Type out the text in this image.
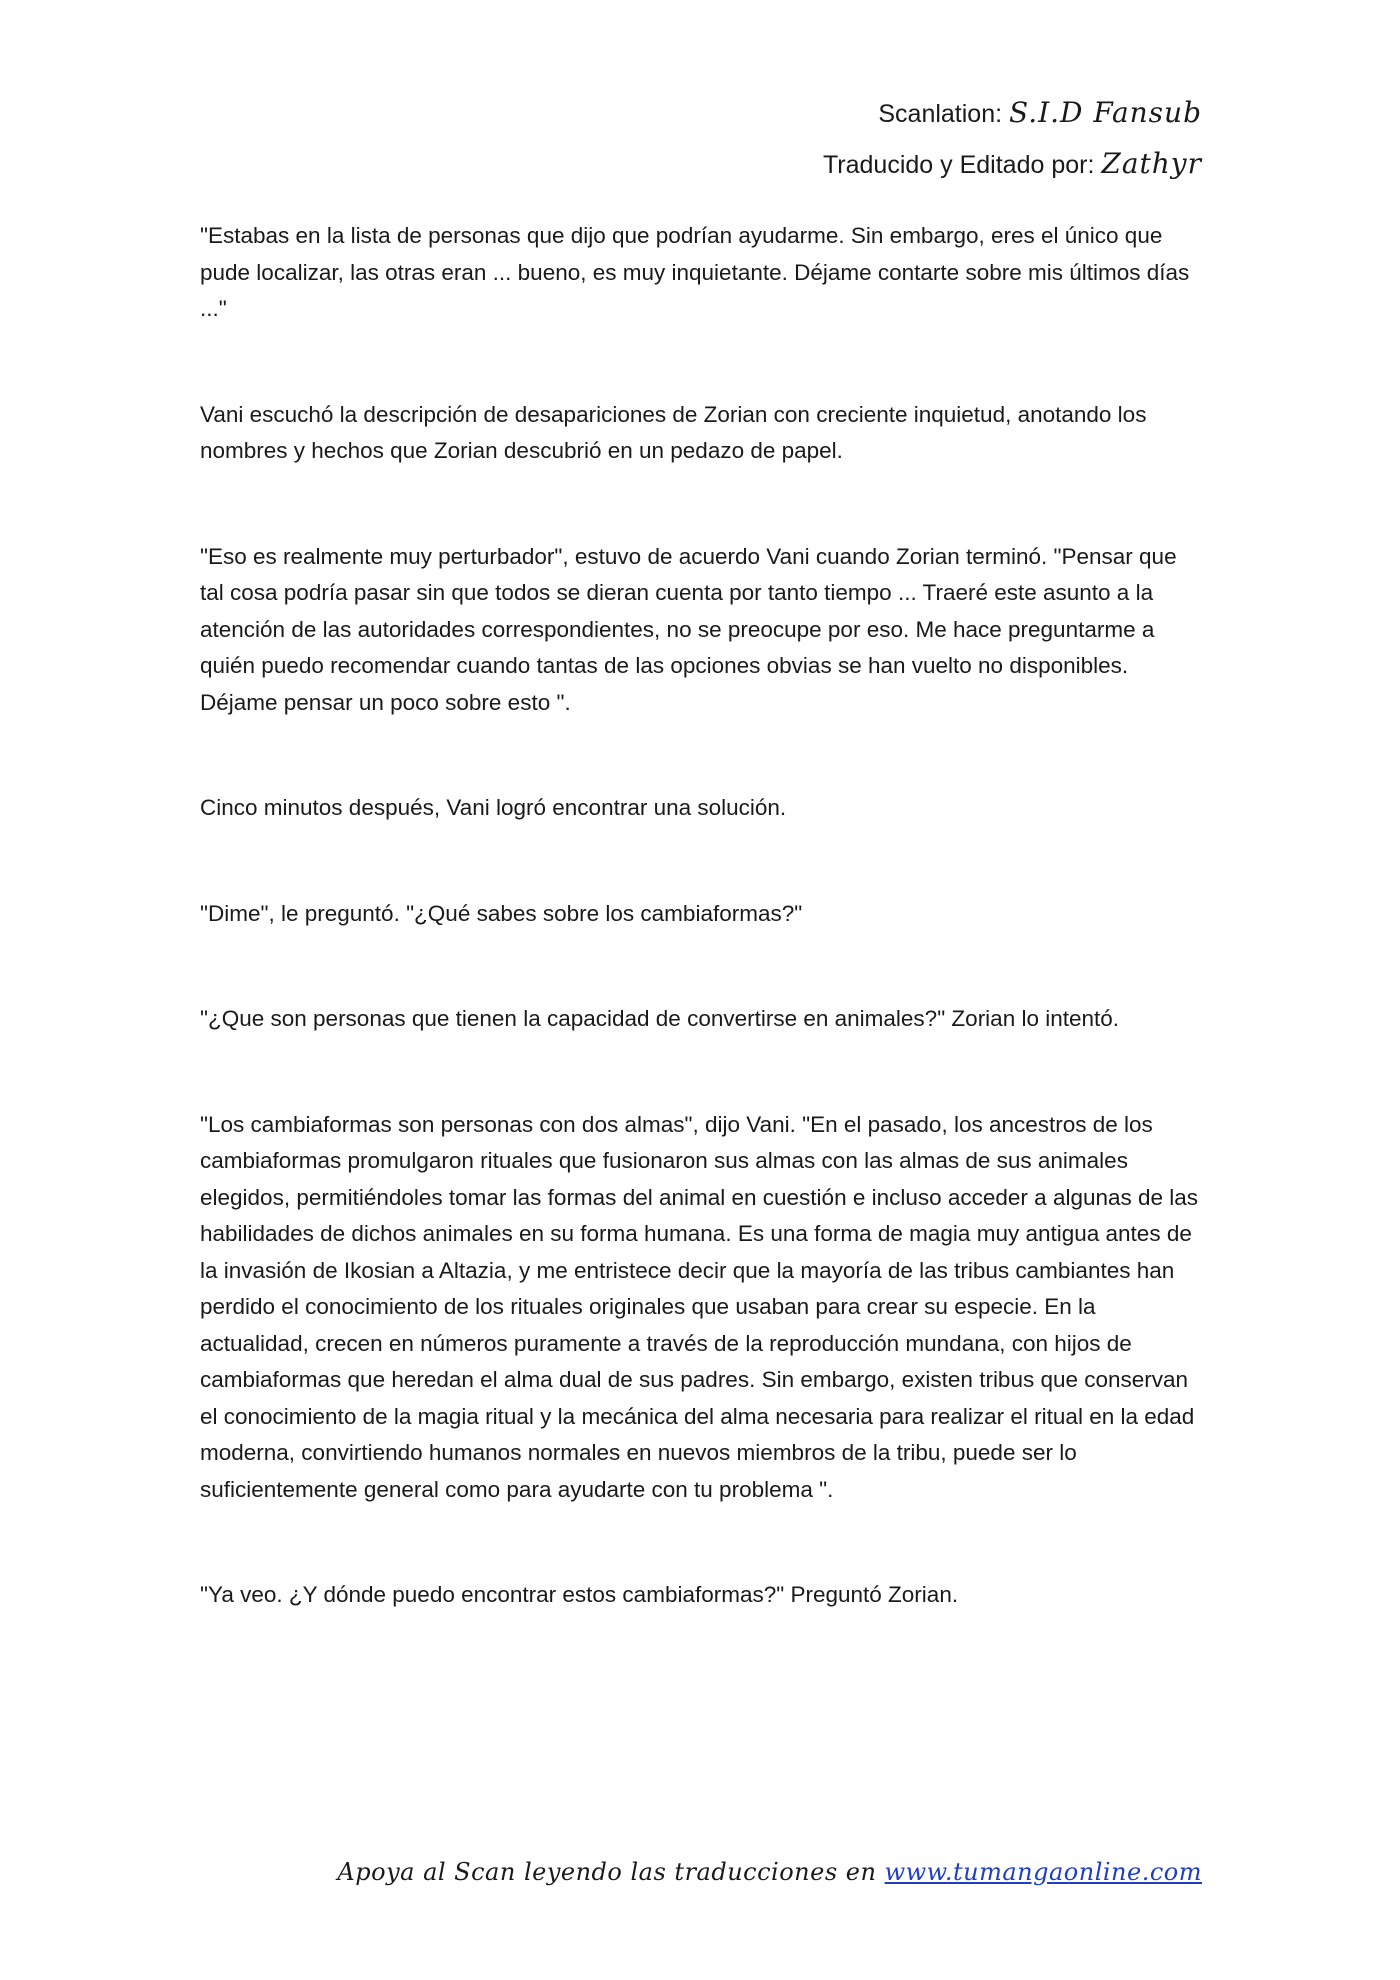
Scanlation: S.I.D Fansub
Traducido y Editado por: Zathyr

"Estabas en la lista de personas que dijo que podrían ayudarme. Sin embargo, eres el único que pude localizar, las otras eran ... bueno, es muy inquietante. Déjame contarte sobre mis últimos días ..."

Vani escuchó la descripción de desapariciones de Zorian con creciente inquietud, anotando los nombres y hechos que Zorian descubrió en un pedazo de papel.

"Eso es realmente muy perturbador", estuvo de acuerdo Vani cuando Zorian terminó. "Pensar que tal cosa podría pasar sin que todos se dieran cuenta por tanto tiempo ... Traeré este asunto a la atención de las autoridades correspondientes, no se preocupe por eso. Me hace preguntarme a quién puedo recomendar cuando tantas de las opciones obvias se han vuelto no disponibles. Déjame pensar un poco sobre esto ".

Cinco minutos después, Vani logró encontrar una solución.

"Dime", le preguntó. "¿Qué sabes sobre los cambiaformas?"

"¿Que son personas que tienen la capacidad de convertirse en animales?" Zorian lo intentó.

"Los cambiaformas son personas con dos almas", dijo Vani. "En el pasado, los ancestros de los cambiaformas promulgaron rituales que fusionaron sus almas con las almas de sus animales elegidos, permitiéndoles tomar las formas del animal en cuestión e incluso acceder a algunas de las habilidades de dichos animales en su forma humana. Es una forma de magia muy antigua antes de la invasión de Ikosian a Altazia, y me entristece decir que la mayoría de las tribus cambiantes han perdido el conocimiento de los rituales originales que usaban para crear su especie. En la actualidad, crecen en números puramente a través de la reproducción mundana, con hijos de cambiaformas que heredan el alma dual de sus padres. Sin embargo, existen tribus que conservan el conocimiento de la magia ritual y la mecánica del alma necesaria para realizar el ritual en la edad moderna, convirtiendo humanos normales en nuevos miembros de la tribu, puede ser lo suficientemente general como para ayudarte con tu problema ".

"Ya veo. ¿Y dónde puedo encontrar estos cambiaformas?" Preguntó Zorian.

Apoya al Scan leyendo las traducciones en www.tumangaonline.com
